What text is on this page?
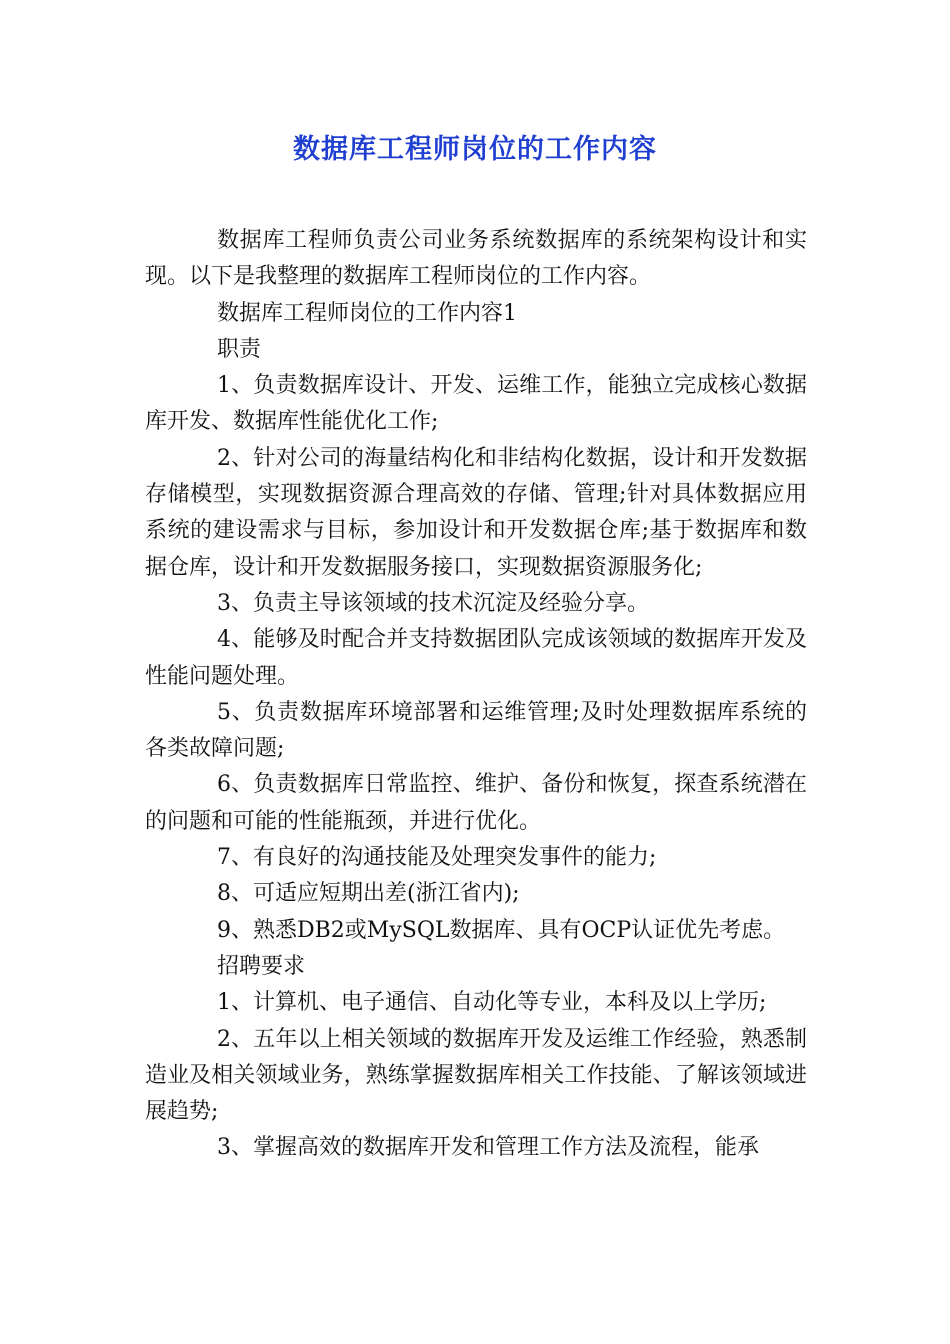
数据库工程师岗位的工作内容

数据库工程师负责公司业务系统数据库的系统架构设计和实现。以下是我整理的数据库工程师岗位的工作内容。

数据库工程师岗位的工作内容1

职责

1、负责数据库设计、开发、运维工作，能独立完成核心数据库开发、数据库性能优化工作;

2、针对公司的海量结构化和非结构化数据，设计和开发数据存储模型，实现数据资源合理高效的存储、管理;针对具体数据应用系统的建设需求与目标，参加设计和开发数据仓库;基于数据库和数据仓库，设计和开发数据服务接口，实现数据资源服务化;

3、负责主导该领域的技术沉淀及经验分享。

4、能够及时配合并支持数据团队完成该领域的数据库开发及性能问题处理。

5、负责数据库环境部署和运维管理;及时处理数据库系统的各类故障问题;

6、负责数据库日常监控、维护、备份和恢复，探查系统潜在的问题和可能的性能瓶颈，并进行优化。

7、有良好的沟通技能及处理突发事件的能力;

8、可适应短期出差(浙江省内);

9、熟悉DB2或MySQL数据库、具有OCP认证优先考虑。

招聘要求

1、计算机、电子通信、自动化等专业，本科及以上学历;

2、五年以上相关领域的数据库开发及运维工作经验，熟悉制造业及相关领域业务，熟练掌握数据库相关工作技能、了解该领域进展趋势;

3、掌握高效的数据库开发和管理工作方法及流程，能承
